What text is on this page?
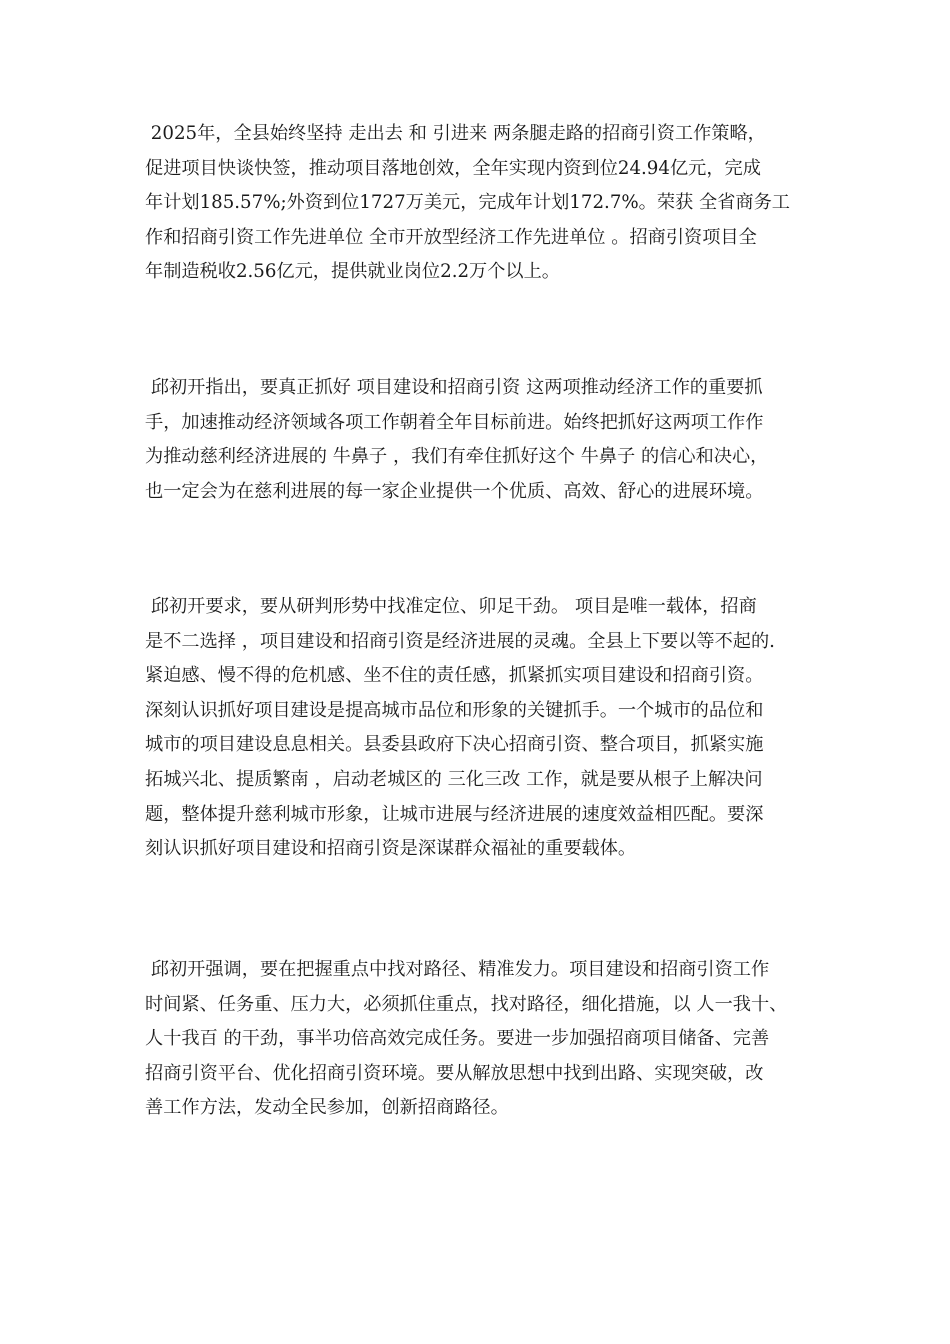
2025年，全县始终坚持 走出去 和 引进来 两条腿走路的招商引资工作策略，
促进项目快谈快签，推动项目落地创效，全年实现内资到位24.94亿元，完成
年计划185.57%;外资到位1727万美元，完成年计划172.7%。荣获 全省商务工
作和招商引资工作先进单位 全市开放型经济工作先进单位 。招商引资项目全
年制造税收2.56亿元，提供就业岗位2.2万个以上。

邱初开指出，要真正抓好 项目建设和招商引资 这两项推动经济工作的重要抓
手，加速推动经济领域各项工作朝着全年目标前进。始终把抓好这两项工作作
为推动慈利经济进展的 牛鼻子 ，我们有牵住抓好这个 牛鼻子 的信心和决心，
也一定会为在慈利进展的每一家企业提供一个优质、高效、舒心的进展环境。

邱初开要求，要从研判形势中找准定位、卯足干劲。 项目是唯一载体，招商
是不二选择 ，项目建设和招商引资是经济进展的灵魂。全县上下要以等不起的.
紧迫感、慢不得的危机感、坐不住的责任感，抓紧抓实项目建设和招商引资。
深刻认识抓好项目建设是提高城市品位和形象的关键抓手。一个城市的品位和
城市的项目建设息息相关。县委县政府下决心招商引资、整合项目，抓紧实施
拓城兴北、提质繁南 ，启动老城区的 三化三改 工作，就是要从根子上解决问
题，整体提升慈利城市形象，让城市进展与经济进展的速度效益相匹配。要深
刻认识抓好项目建设和招商引资是深谋群众福祉的重要载体。

邱初开强调，要在把握重点中找对路径、精准发力。项目建设和招商引资工作
时间紧、任务重、压力大，必须抓住重点，找对路径，细化措施，以 人一我十、
人十我百 的干劲，事半功倍高效完成任务。要进一步加强招商项目储备、完善
招商引资平台、优化招商引资环境。要从解放思想中找到出路、实现突破，改
善工作方法，发动全民参加，创新招商路径。
